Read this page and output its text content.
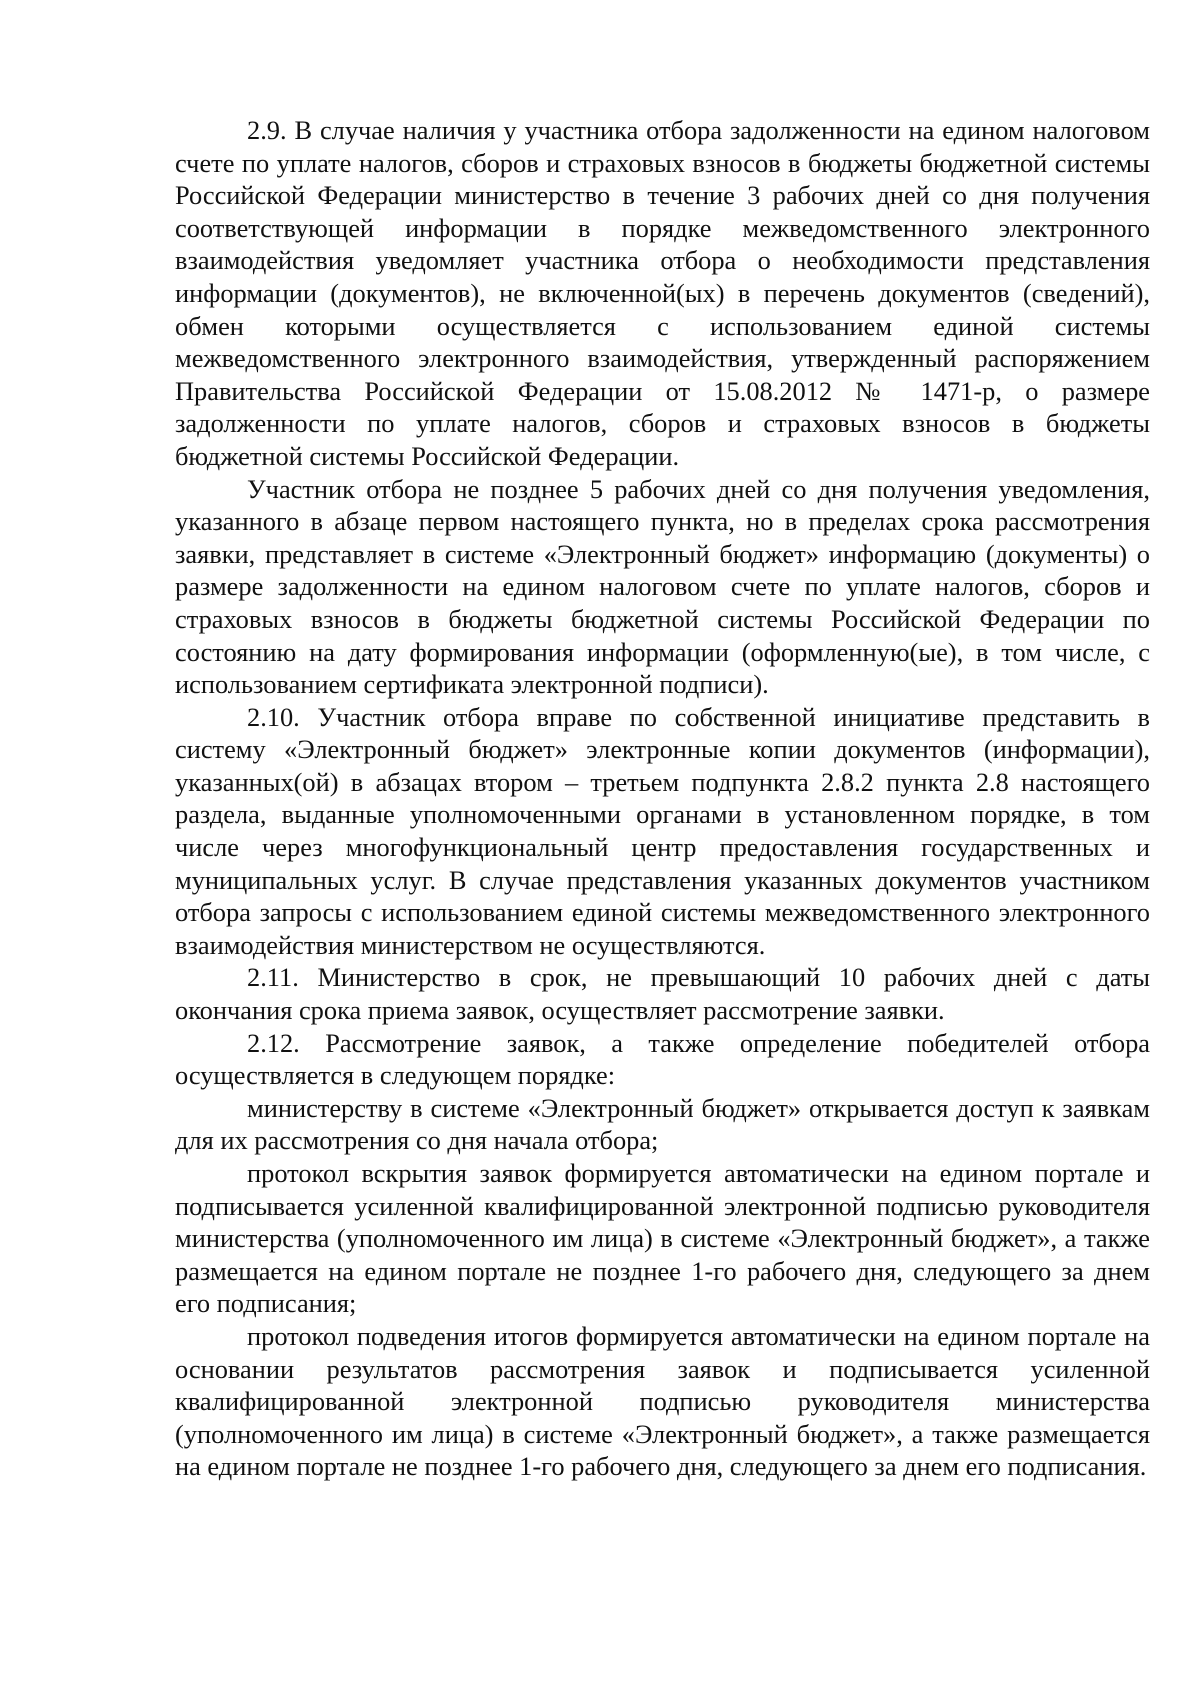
2.9. В случае наличия у участника отбора задолженности на едином налоговом счете по уплате налогов, сборов и страховых взносов в бюджеты бюджетной системы Российской Федерации министерство в течение 3 рабочих дней со дня получения соответствующей информации в порядке межведомственного электронного взаимодействия уведомляет участника отбора о необходимости представления информации (документов), не включенной(ых) в перечень документов (сведений), обмен которыми осуществляется с использованием единой системы межведомственного электронного взаимодействия, утвержденный распоряжением Правительства Российской Федерации от 15.08.2012 № 1471-р, о размере задолженности по уплате налогов, сборов и страховых взносов в бюджеты бюджетной системы Российской Федерации.

Участник отбора не позднее 5 рабочих дней со дня получения уведомления, указанного в абзаце первом настоящего пункта, но в пределах срока рассмотрения заявки, представляет в системе «Электронный бюджет» информацию (документы) о размере задолженности на едином налоговом счете по уплате налогов, сборов и страховых взносов в бюджеты бюджетной системы Российской Федерации по состоянию на дату формирования информации (оформленную(ые), в том числе, с использованием сертификата электронной подписи).

2.10. Участник отбора вправе по собственной инициативе представить в систему «Электронный бюджет» электронные копии документов (информации), указанных(ой) в абзацах втором – третьем подпункта 2.8.2 пункта 2.8 настоящего раздела, выданные уполномоченными органами в установленном порядке, в том числе через многофункциональный центр предоставления государственных и муниципальных услуг. В случае представления указанных документов участником отбора запросы с использованием единой системы межведомственного электронного взаимодействия министерством не осуществляются.

2.11. Министерство в срок, не превышающий 10 рабочих дней с даты окончания срока приема заявок, осуществляет рассмотрение заявки.

2.12. Рассмотрение заявок, а также определение победителей отбора осуществляется в следующем порядке:

министерству в системе «Электронный бюджет» открывается доступ к заявкам для их рассмотрения со дня начала отбора;

протокол вскрытия заявок формируется автоматически на едином портале и подписывается усиленной квалифицированной электронной подписью руководителя министерства (уполномоченного им лица) в системе «Электронный бюджет», а также размещается на едином портале не позднее 1-го рабочего дня, следующего за днем его подписания;

протокол подведения итогов формируется автоматически на едином портале на основании результатов рассмотрения заявок и подписывается усиленной квалифицированной электронной подписью руководителя министерства (уполномоченного им лица) в системе «Электронный бюджет», а также размещается на едином портале не позднее 1-го рабочего дня, следующего за днем его подписания.
